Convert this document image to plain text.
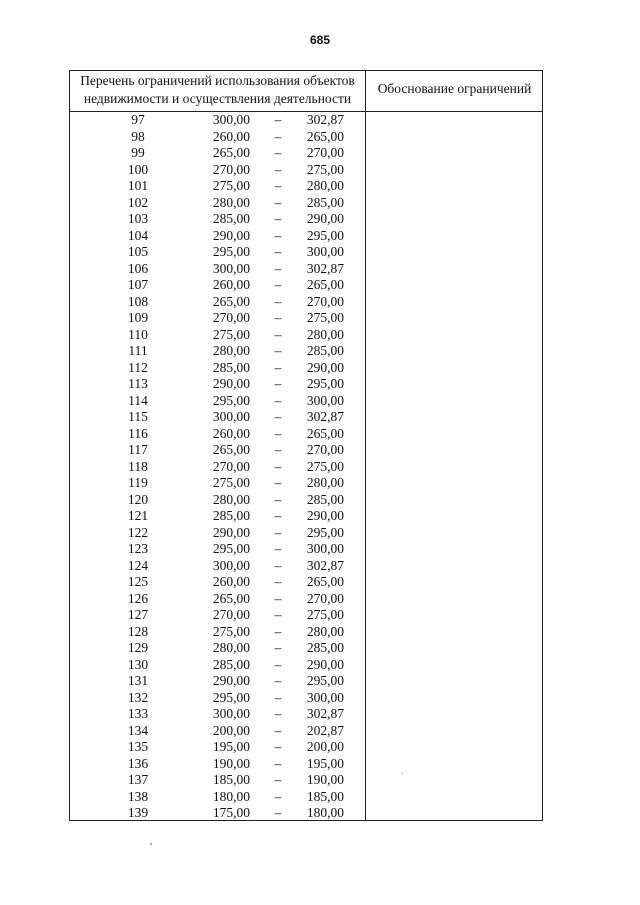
685
Перечень ограничений использования объектов недвижимости и осуществления деятельности
Обоснование ограничений
97	300,00	–	302,87
98	260,00	–	265,00
99	265,00	–	270,00
100	270,00	–	275,00
101	275,00	–	280,00
102	280,00	–	285,00
103	285,00	–	290,00
104	290,00	–	295,00
105	295,00	–	300,00
106	300,00	–	302,87
107	260,00	–	265,00
108	265,00	–	270,00
109	270,00	–	275,00
110	275,00	–	280,00
111	280,00	–	285,00
112	285,00	–	290,00
113	290,00	–	295,00
114	295,00	–	300,00
115	300,00	–	302,87
116	260,00	–	265,00
117	265,00	–	270,00
118	270,00	–	275,00
119	275,00	–	280,00
120	280,00	–	285,00
121	285,00	–	290,00
122	290,00	–	295,00
123	295,00	–	300,00
124	300,00	–	302,87
125	260,00	–	265,00
126	265,00	–	270,00
127	270,00	–	275,00
128	275,00	–	280,00
129	280,00	–	285,00
130	285,00	–	290,00
131	290,00	–	295,00
132	295,00	–	300,00
133	300,00	–	302,87
134	200,00	–	202,87
135	195,00	–	200,00
136	190,00	–	195,00
137	185,00	–	190,00
138	180,00	–	185,00
139	175,00	–	180,00
